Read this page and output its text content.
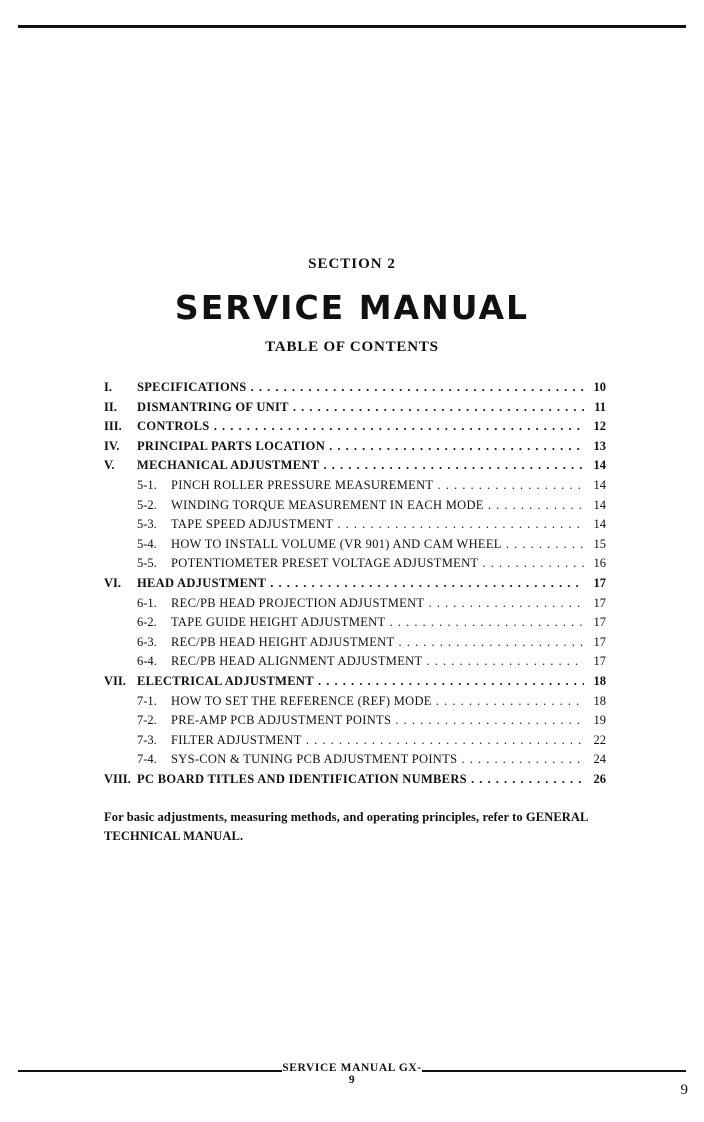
SECTION 2
SERVICE MANUAL
TABLE OF CONTENTS
I. SPECIFICATIONS . . .	10
II. DISMANTRING OF UNIT . . .	11
III. CONTROLS . . .	12
IV. PRINCIPAL PARTS LOCATION . . .	13
V. MECHANICAL ADJUSTMENT . . .	14
5-1. PINCH ROLLER PRESSURE MEASUREMENT . . .	14
5-2. WINDING TORQUE MEASUREMENT IN EACH MODE . . .	14
5-3. TAPE SPEED ADJUSTMENT . . .	14
5-4. HOW TO INSTALL VOLUME (VR 901) AND CAM WHEEL . . .	15
5-5. POTENTIOMETER PRESET VOLTAGE ADJUSTMENT . . .	16
VI. HEAD ADJUSTMENT . . .	17
6-1. REC/PB HEAD PROJECTION ADJUSTMENT . . .	17
6-2. TAPE GUIDE HEIGHT ADJUSTMENT . . .	17
6-3. REC/PB HEAD HEIGHT ADJUSTMENT . . .	17
6-4. REC/PB HEAD ALIGNMENT ADJUSTMENT . . .	17
VII. ELECTRICAL ADJUSTMENT . . .	18
7-1. HOW TO SET THE REFERENCE (REF) MODE . . .	18
7-2. PRE-AMP PCB ADJUSTMENT POINTS . . .	19
7-3. FILTER ADJUSTMENT . . .	22
7-4. SYS-CON & TUNING PCB ADJUSTMENT POINTS . . .	24
VIII. PC BOARD TITLES AND IDENTIFICATION NUMBERS . . .	26
For basic adjustments, measuring methods, and operating principles, refer to GENERAL TECHNICAL MANUAL.
SERVICE MANUAL GX-9
9
